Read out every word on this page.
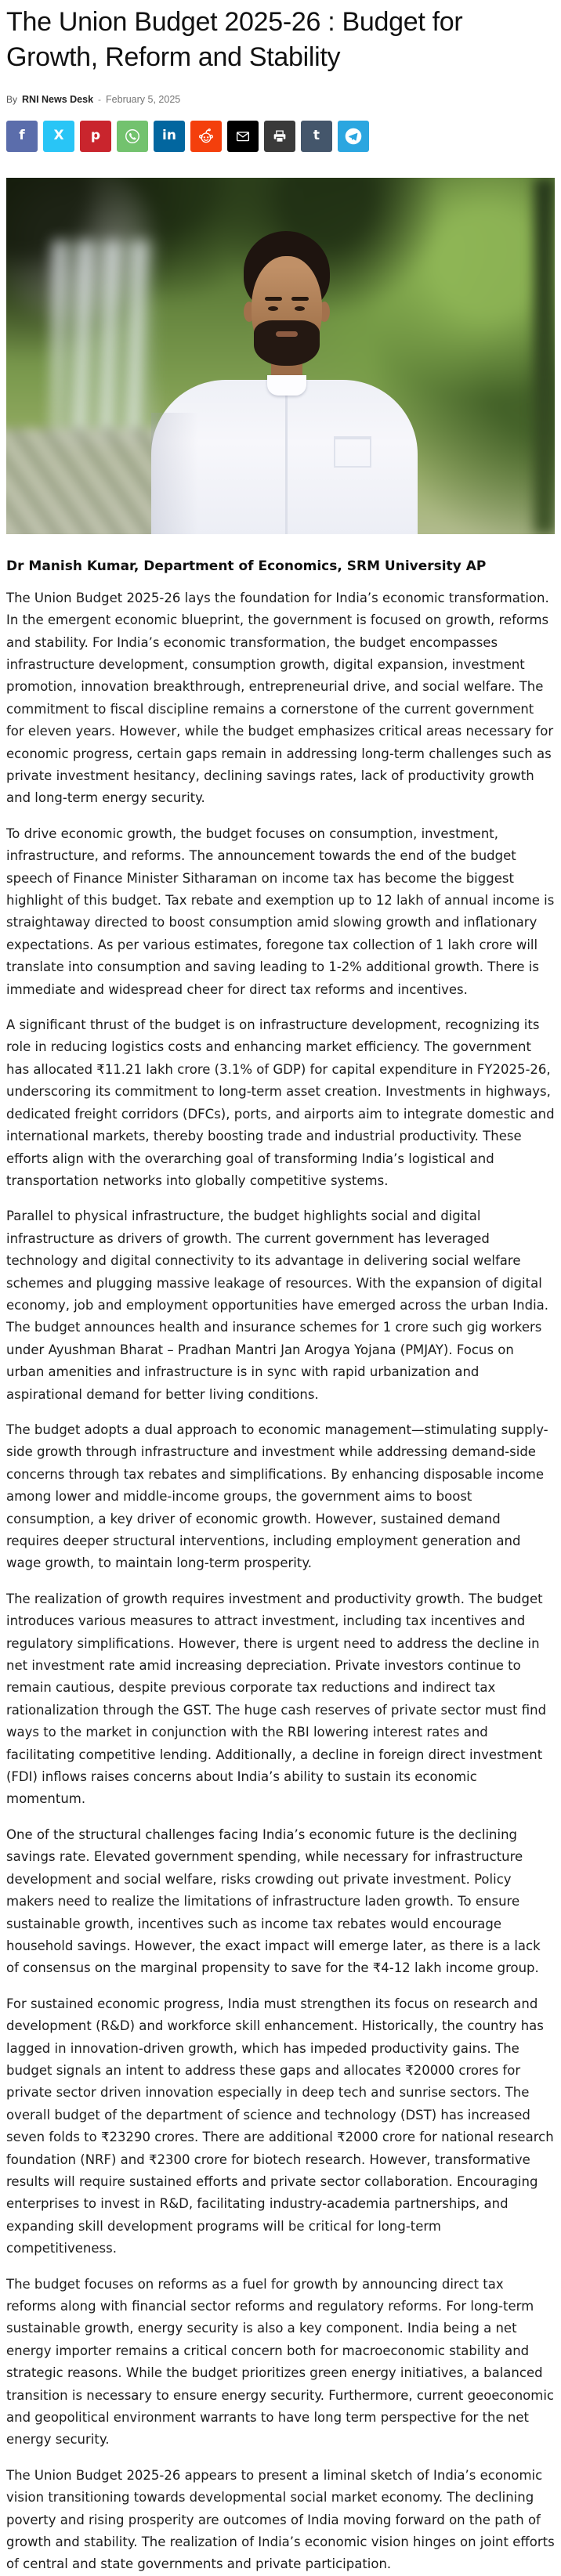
The Union Budget 2025-26 : Budget for Growth, Reform and Stability
By RNI News Desk - February 5, 2025
f X p	in	t
Dr Manish Kumar, Department of Economics, SRM University AP

The Union Budget 2025-26 lays the foundation for India’s economic transformation. In the emergent economic blueprint, the government is focused on growth, reforms and stability. For India’s economic transformation, the budget encompasses infrastructure development, consumption growth, digital expansion, investment promotion, innovation breakthrough, entrepreneurial drive, and social welfare. The commitment to fiscal discipline remains a cornerstone of the current government for eleven years. However, while the budget emphasizes critical areas necessary for economic progress, certain gaps remain in addressing long-term challenges such as private investment hesitancy, declining savings rates, lack of productivity growth and long-term energy security.

To drive economic growth, the budget focuses on consumption, investment, infrastructure, and reforms. The announcement towards the end of the budget speech of Finance Minister Sitharaman on income tax has become the biggest highlight of this budget. Tax rebate and exemption up to 12 lakh of annual income is straightaway directed to boost consumption amid slowing growth and inflationary expectations. As per various estimates, foregone tax collection of 1 lakh crore will translate into consumption and saving leading to 1-2% additional growth. There is immediate and widespread cheer for direct tax reforms and incentives.

A significant thrust of the budget is on infrastructure development, recognizing its role in reducing logistics costs and enhancing market efficiency. The government has allocated ₹11.21 lakh crore (3.1% of GDP) for capital expenditure in FY2025-26, underscoring its commitment to long-term asset creation. Investments in highways, dedicated freight corridors (DFCs), ports, and airports aim to integrate domestic and international markets, thereby boosting trade and industrial productivity. These efforts align with the overarching goal of transforming India’s logistical and transportation networks into globally competitive systems.

Parallel to physical infrastructure, the budget highlights social and digital infrastructure as drivers of growth. The current government has leveraged technology and digital connectivity to its advantage in delivering social welfare schemes and plugging massive leakage of resources. With the expansion of digital economy, job and employment opportunities have emerged across the urban India. The budget announces health and insurance schemes for 1 crore such gig workers under Ayushman Bharat – Pradhan Mantri Jan Arogya Yojana (PMJAY). Focus on urban amenities and infrastructure is in sync with rapid urbanization and aspirational demand for better living conditions.

The budget adopts a dual approach to economic management—stimulating supply-side growth through infrastructure and investment while addressing demand-side concerns through tax rebates and simplifications. By enhancing disposable income among lower and middle-income groups, the government aims to boost consumption, a key driver of economic growth. However, sustained demand requires deeper structural interventions, including employment generation and wage growth, to maintain long-term prosperity.

The realization of growth requires investment and productivity growth. The budget introduces various measures to attract investment, including tax incentives and regulatory simplifications. However, there is urgent need to address the decline in net investment rate amid increasing depreciation. Private investors continue to remain cautious, despite previous corporate tax reductions and indirect tax rationalization through the GST. The huge cash reserves of private sector must find ways to the market in conjunction with the RBI lowering interest rates and facilitating competitive lending. Additionally, a decline in foreign direct investment (FDI) inflows raises concerns about India’s ability to sustain its economic momentum.

One of the structural challenges facing India’s economic future is the declining savings rate. Elevated government spending, while necessary for infrastructure development and social welfare, risks crowding out private investment. Policy makers need to realize the limitations of infrastructure laden growth. To ensure sustainable growth, incentives such as income tax rebates would encourage household savings. However, the exact impact will emerge later, as there is a lack of consensus on the marginal propensity to save for the ₹4-12 lakh income group.

For sustained economic progress, India must strengthen its focus on research and development (R&D) and workforce skill enhancement. Historically, the country has lagged in innovation-driven growth, which has impeded productivity gains. The budget signals an intent to address these gaps and allocates ₹20000 crores for private sector driven innovation especially in deep tech and sunrise sectors. The overall budget of the department of science and technology (DST) has increased seven folds to ₹23290 crores. There are additional ₹2000 crore for national research foundation (NRF) and ₹2300 crore for biotech research. However, transformative results will require sustained efforts and private sector collaboration. Encouraging enterprises to invest in R&D, facilitating industry-academia partnerships, and expanding skill development programs will be critical for long-term competitiveness.

The budget focuses on reforms as a fuel for growth by announcing direct tax reforms along with financial sector reforms and regulatory reforms. For long-term sustainable growth, energy security is also a key component. India being a net energy importer remains a critical concern both for macroeconomic stability and strategic reasons. While the budget prioritizes green energy initiatives, a balanced transition is necessary to ensure energy security. Furthermore, current geoeconomic and geopolitical environment warrants to have long term perspective for the net energy security.

The Union Budget 2025-26 appears to present a liminal sketch of India’s economic vision transitioning towards developmental social market economy. The declining poverty and rising prosperity are outcomes of India moving forward on the path of growth and stability. The realization of India’s economic vision hinges on joint efforts of central and state governments and private participation.
